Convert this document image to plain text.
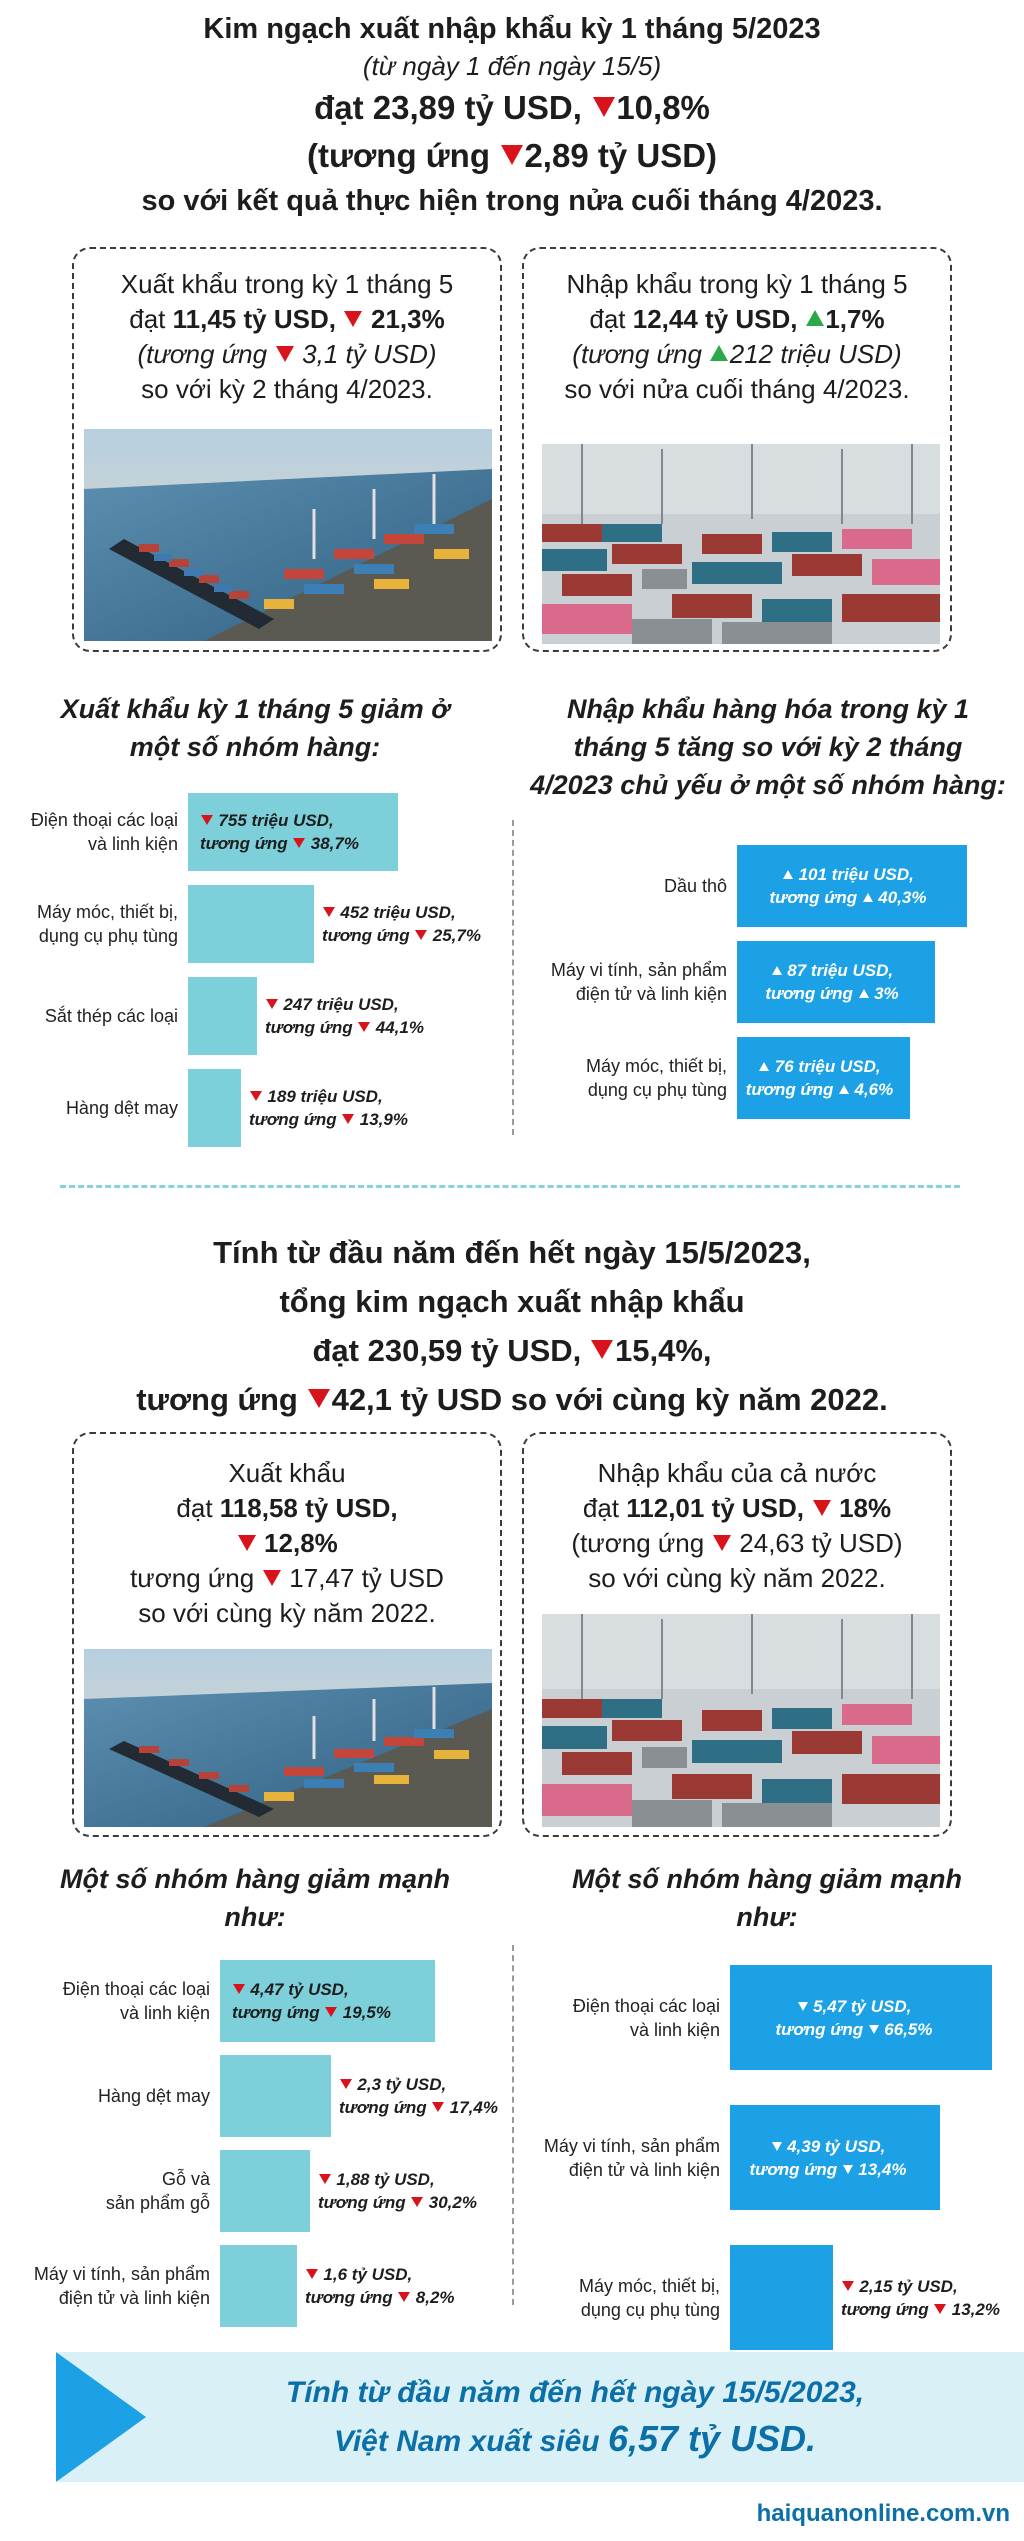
Kim ngạch xuất nhập khẩu kỳ 1 tháng 5/2023
(từ ngày 1 đến ngày 15/5)
đạt 23,89 tỷ USD, 10,8%
(tương ứng 2,89 tỷ USD)
so với kết quả thực hiện trong nửa cuối tháng 4/2023.
Xuất khẩu trong kỳ 1 tháng 5
đạt 11,45 tỷ USD, 21,3%
(tương ứng 3,1 tỷ USD)
so với kỳ 2 tháng 4/2023.
Nhập khẩu trong kỳ 1 tháng 5
đạt 12,44 tỷ USD, 1,7%
(tương ứng 212 triệu USD)
so với nửa cuối tháng 4/2023.
Xuất khẩu kỳ 1 tháng 5 giảm ở
một số nhóm hàng:
Nhập khẩu hàng hóa trong kỳ 1
tháng 5 tăng so với kỳ 2 tháng
4/2023 chủ yếu ở một số nhóm hàng:
Điện thoại các loại
và linh kiện
755 triệu USD,
tương ứng 38,7%
Máy móc, thiết bị,
dụng cụ phụ tùng
452 triệu USD,
tương ứng 25,7%
Sắt thép các loại
247 triệu USD,
tương ứng 44,1%
Hàng dệt may
189 triệu USD,
tương ứng 13,9%
Dầu thô
101 triệu USD,
tương ứng 40,3%
Máy vi tính, sản phẩm
điện tử và linh kiện
87 triệu USD,
tương ứng 3%
Máy móc, thiết bị,
dụng cụ phụ tùng
76 triệu USD,
tương ứng 4,6%
Tính từ đầu năm đến hết ngày 15/5/2023,
tổng kim ngạch xuất nhập khẩu
đạt 230,59 tỷ USD, 15,4%,
tương ứng 42,1 tỷ USD so với cùng kỳ năm 2022.
Xuất khẩu
đạt 118,58 tỷ USD,
12,8%
tương ứng 17,47 tỷ USD
so với cùng kỳ năm 2022.
Nhập khẩu của cả nước
đạt 112,01 tỷ USD, 18%
(tương ứng 24,63 tỷ USD)
so với cùng kỳ năm 2022.
Một số nhóm hàng giảm mạnh
như:
Một số nhóm hàng giảm mạnh
như:
Điện thoại các loại
và linh kiện
4,47 tỷ USD,
tương ứng 19,5%
Hàng dệt may
2,3 tỷ USD,
tương ứng 17,4%
Gỗ và
sản phẩm gỗ
1,88 tỷ USD,
tương ứng 30,2%
Máy vi tính, sản phẩm
điện tử và linh kiện
1,6 tỷ USD,
tương ứng 8,2%
Điện thoại các loại
và linh kiện
5,47 tỷ USD,
tương ứng 66,5%
Máy vi tính, sản phẩm
điện tử và linh kiện
4,39 tỷ USD,
tương ứng 13,4%
Máy móc, thiết bị,
dụng cụ phụ tùng
2,15 tỷ USD,
tương ứng 13,2%
Tính từ đầu năm đến hết ngày 15/5/2023,
Việt Nam xuất siêu 6,57 tỷ USD.
haiquanonline.com.vn
